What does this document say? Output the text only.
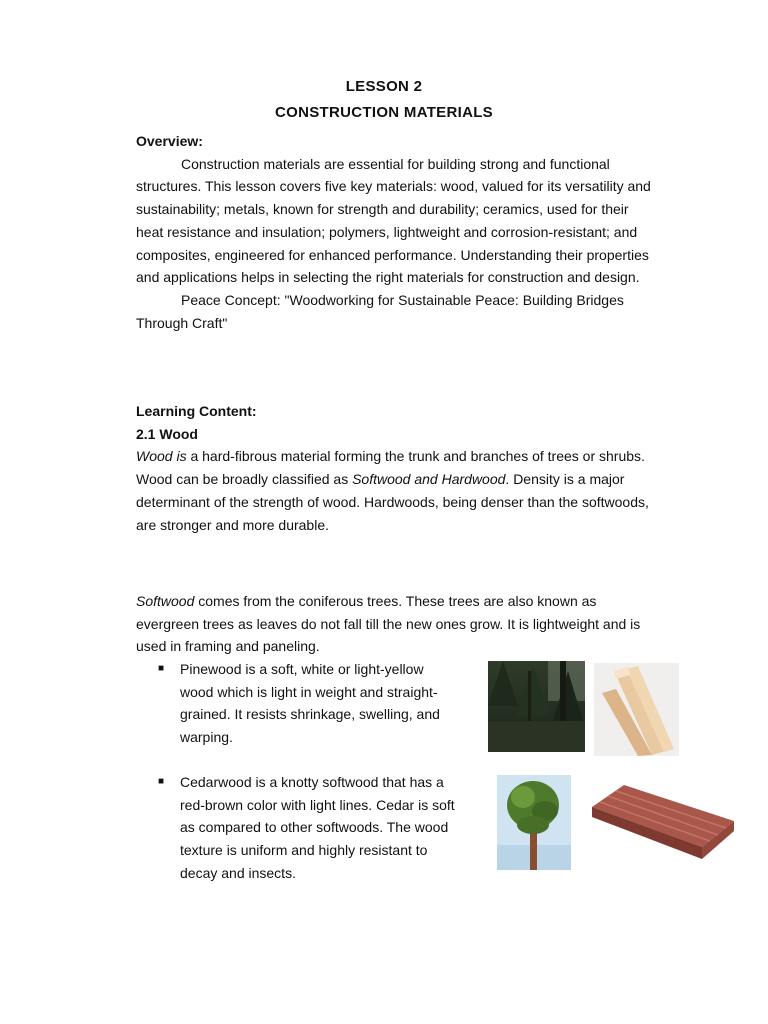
LESSON 2
CONSTRUCTION MATERIALS

Overview:

Construction materials are essential for building strong and functional structures. This lesson covers five key materials: wood, valued for its versatility and sustainability; metals, known for strength and durability; ceramics, used for their heat resistance and insulation; polymers, lightweight and corrosion-resistant; and composites, engineered for enhanced performance. Understanding their properties and applications helps in selecting the right materials for construction and design.

Peace Concept: "Woodworking for Sustainable Peace: Building Bridges Through Craft"

Learning Content:

2.1 Wood

Wood is a hard-fibrous material forming the trunk and branches of trees or shrubs.

Wood can be broadly classified as Softwood and Hardwood. Density is a major determinant of the strength of wood. Hardwoods, being denser than the softwoods, are stronger and more durable.

Softwood comes from the coniferous trees. These trees are also known as evergreen trees as leaves do not fall till the new ones grow. It is lightweight and is used in framing and paneling.

■ Pinewood is a soft, white or light-yellow wood which is light in weight and straight-grained. It resists shrinkage, swelling, and warping.
■ Cedarwood is a knotty softwood that has a red-brown color with light lines. Cedar is soft as compared to other softwoods. The wood texture is uniform and highly resistant to decay and insects.
